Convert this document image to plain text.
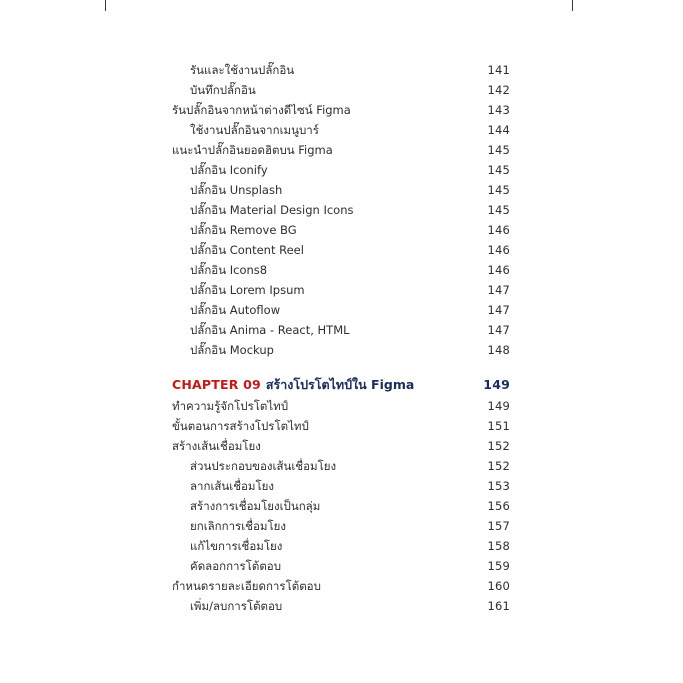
รันและใช้งานปลั๊กอิน	141
บันทึกปลั๊กอิน	142
รันปลั๊กอินจากหน้าต่างดีไซน์ Figma	143
ใช้งานปลั๊กอินจากเมนูบาร์	144
แนะนำปลั๊กอินยอดฮิตบน Figma	145
ปลั๊กอิน Iconify	145
ปลั๊กอิน Unsplash	145
ปลั๊กอิน Material Design Icons	145
ปลั๊กอิน Remove BG	146
ปลั๊กอิน Content Reel	146
ปลั๊กอิน Icons8	146
ปลั๊กอิน Lorem Ipsum	147
ปลั๊กอิน Autoflow	147
ปลั๊กอิน Anima - React, HTML	147
ปลั๊กอิน Mockup	148
CHAPTER 09 สร้างโปรโตไทป์ใน Figma	149
ทำความรู้จักโปรโตไทป์	149
ขั้นตอนการสร้างโปรโตไทป์	151
สร้างเส้นเชื่อมโยง	152
ส่วนประกอบของเส้นเชื่อมโยง	152
ลากเส้นเชื่อมโยง	153
สร้างการเชื่อมโยงเป็นกลุ่ม	156
ยกเลิกการเชื่อมโยง	157
แก้ไขการเชื่อมโยง	158
คัดลอกการโต้ตอบ	159
กำหนดรายละเอียดการโต้ตอบ	160
เพิ่ม/ลบการโต้ตอบ	161
